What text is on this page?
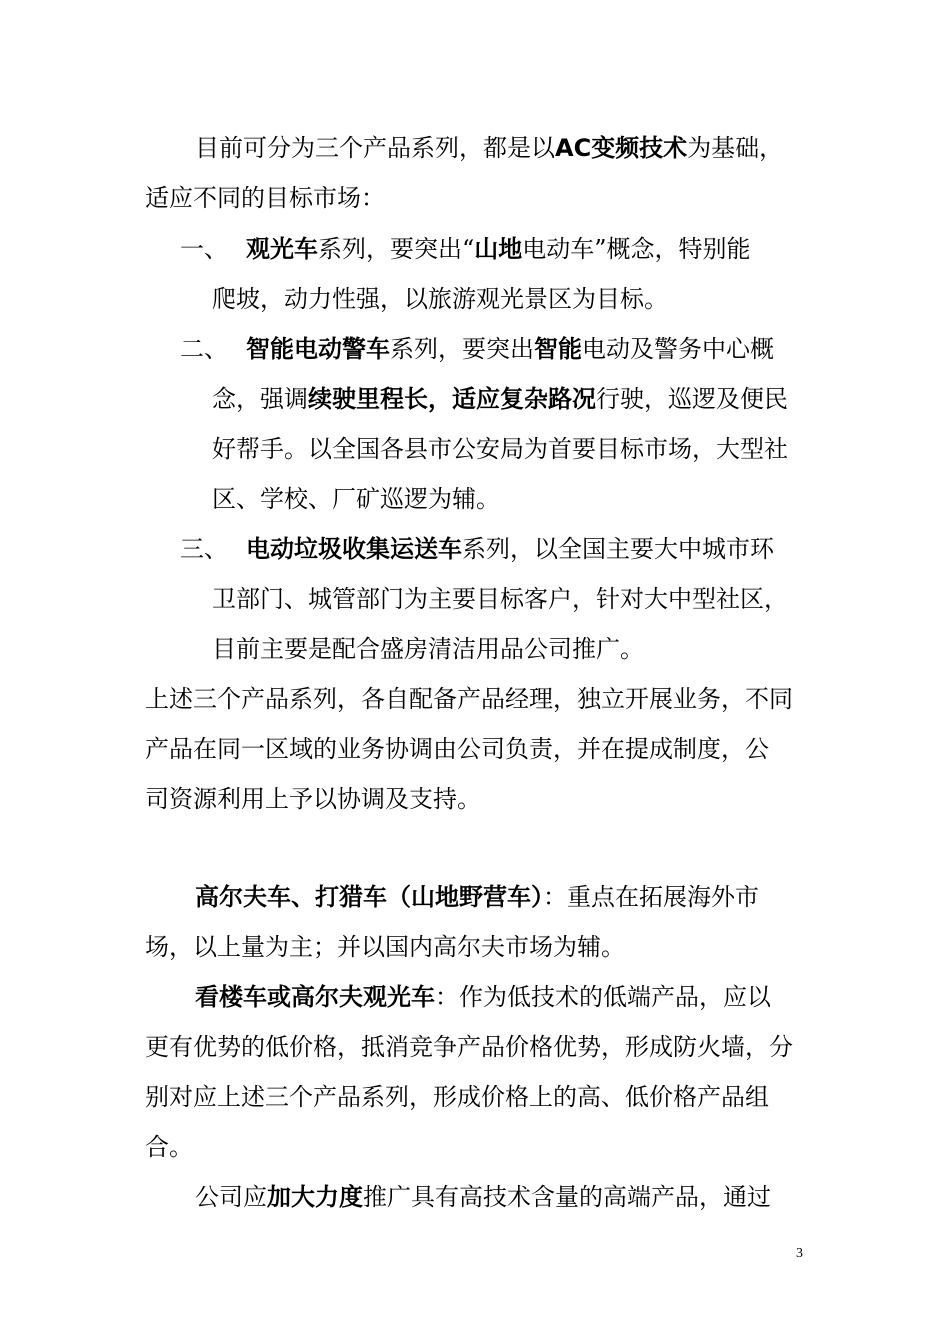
目前可分为三个产品系列，都是以AC变频技术为基础，
适应不同的目标市场：
一、 观光车系列，要突出“山地电动车”概念，特别能
爬坡，动力性强，以旅游观光景区为目标。
二、 智能电动警车系列，要突出智能电动及警务中心概
念，强调续驶里程长，适应复杂路况行驶，巡逻及便民
好帮手。以全国各县市公安局为首要目标市场，大型社
区、学校、厂矿巡逻为辅。
三、 电动垃圾收集运送车系列，以全国主要大中城市环
卫部门、城管部门为主要目标客户，针对大中型社区，
目前主要是配合盛房清洁用品公司推广。
上述三个产品系列，各自配备产品经理，独立开展业务，不同
产品在同一区域的业务协调由公司负责，并在提成制度，公
司资源利用上予以协调及支持。
高尔夫车、打猎车（山地野营车）：重点在拓展海外市
场，以上量为主；并以国内高尔夫市场为辅。
看楼车或高尔夫观光车：作为低技术的低端产品，应以
更有优势的低价格，抵消竞争产品价格优势，形成防火墙，分
别对应上述三个产品系列，形成价格上的高、低价格产品组
合。
公司应加大力度推广具有高技术含量的高端产品，通过
3
